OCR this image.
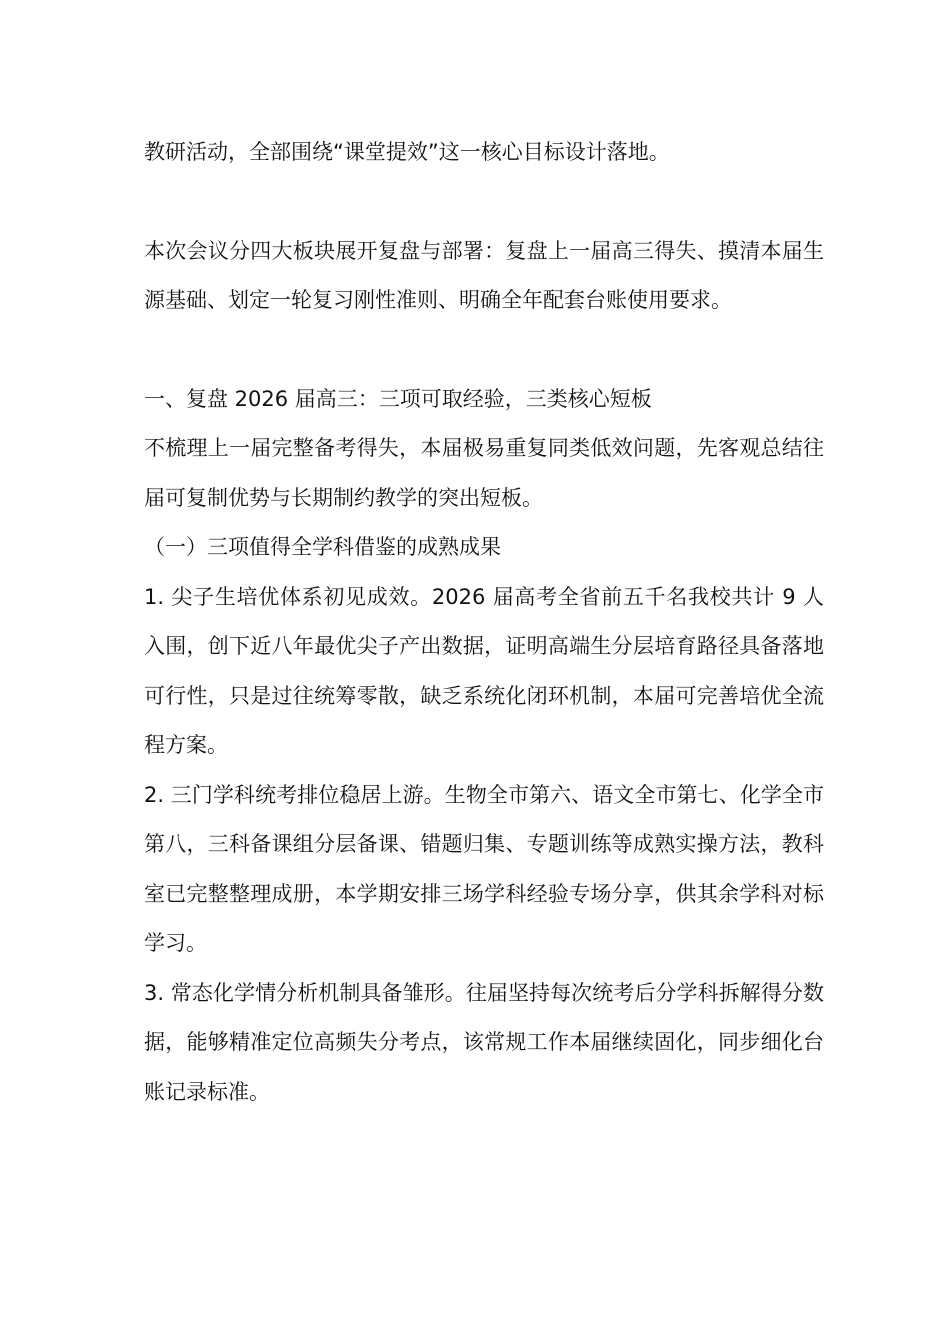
教研活动，全部围绕“课堂提效”这一核心目标设计落地。

本次会议分四大板块展开复盘与部署：复盘上一届高三得失、摸清本届生源基础、划定一轮复习刚性准则、明确全年配套台账使用要求。

一、复盘 2026 届高三：三项可取经验，三类核心短板

不梳理上一届完整备考得失，本届极易重复同类低效问题，先客观总结往届可复制优势与长期制约教学的突出短板。

（一）三项值得全学科借鉴的成熟成果

1. 尖子生培优体系初见成效。2026 届高考全省前五千名我校共计 9 人入围，创下近八年最优尖子产出数据，证明高端生分层培育路径具备落地可行性，只是过往统筹零散，缺乏系统化闭环机制，本届可完善培优全流程方案。

2. 三门学科统考排位稳居上游。生物全市第六、语文全市第七、化学全市第八，三科备课组分层备课、错题归集、专题训练等成熟实操方法，教科室已完整整理成册，本学期安排三场学科经验专场分享，供其余学科对标学习。

3. 常态化学情分析机制具备雏形。往届坚持每次统考后分学科拆解得分数据，能够精准定位高频失分考点，该常规工作本届继续固化，同步细化台账记录标准。
